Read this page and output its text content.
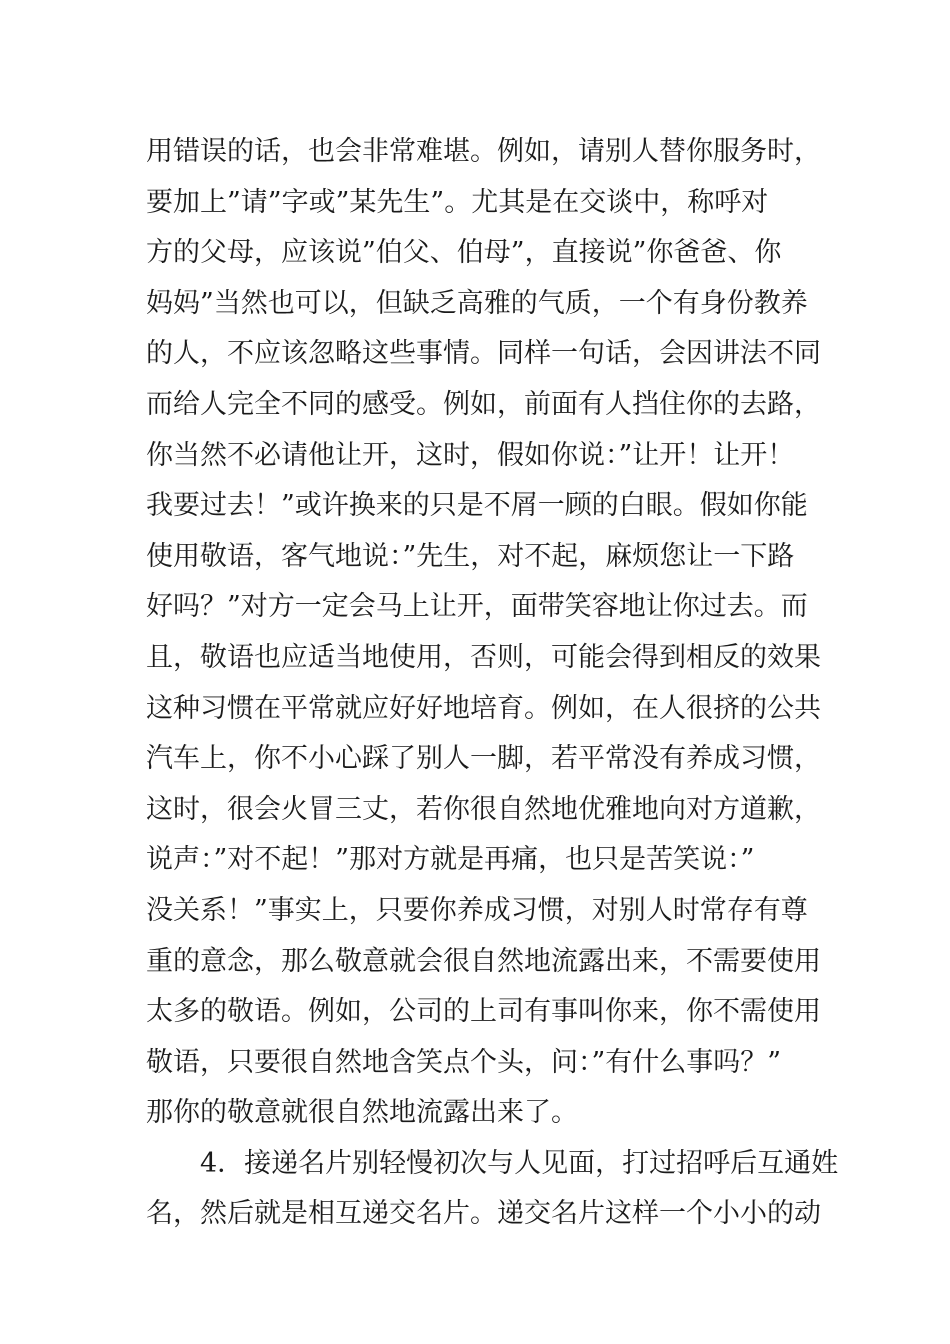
用错误的话，也会非常难堪。例如，请别人替你服务时，
要加上”请”字或”某先生”。尤其是在交谈中，称呼对
方的父母，应该说”伯父、伯母”，直接说”你爸爸、你
妈妈”当然也可以，但缺乏高雅的气质，一个有身份教养
的人，不应该忽略这些事情。同样一句话，会因讲法不同
而给人完全不同的感受。例如，前面有人挡住你的去路，
你当然不必请他让开，这时，假如你说：”让开！让开！
我要过去！”或许换来的只是不屑一顾的白眼。假如你能
使用敬语，客气地说：”先生，对不起，麻烦您让一下路
好吗？”对方一定会马上让开，面带笑容地让你过去。而
且，敬语也应适当地使用，否则，可能会得到相反的效果
这种习惯在平常就应好好地培育。例如，在人很挤的公共
汽车上，你不小心踩了别人一脚，若平常没有养成习惯，
这时，很会火冒三丈，若你很自然地优雅地向对方道歉，
说声：”对不起！”那对方就是再痛，也只是苦笑说：”
没关系！”事实上，只要你养成习惯，对别人时常存有尊
重的意念，那么敬意就会很自然地流露出来，不需要使用
太多的敬语。例如，公司的上司有事叫你来，你不需使用
敬语，只要很自然地含笑点个头，问：”有什么事吗？”
那你的敬意就很自然地流露出来了。
4．接递名片别轻慢初次与人见面，打过招呼后互通姓
名，然后就是相互递交名片。递交名片这样一个小小的动
